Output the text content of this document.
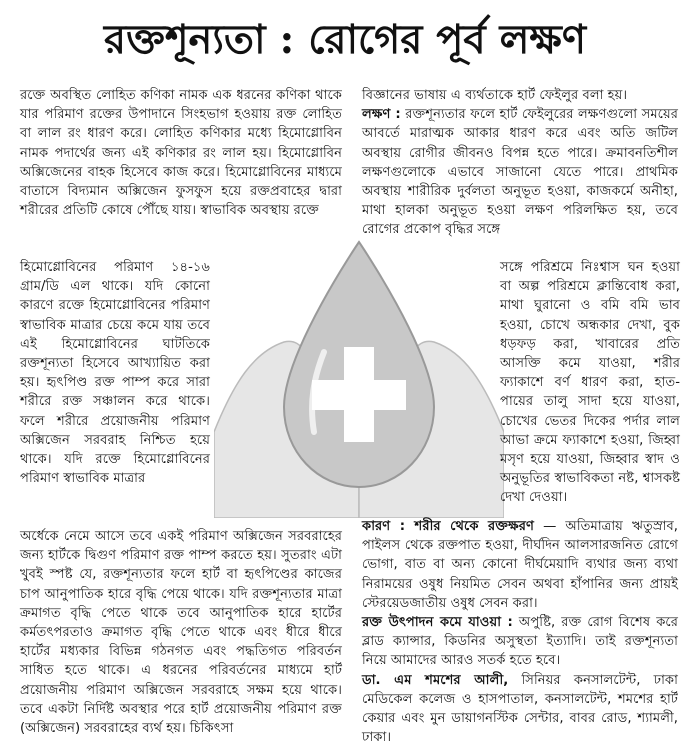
রক্তশূন্যতা : রোগের পূর্ব লক্ষণ

রক্তে অবস্থিত লোহিত কণিকা নামক এক ধরনের কণিকা থাকে যার পরিমাণ রক্তের উপাদানে সিংহভাগ হওয়ায় রক্ত লোহিত বা লাল রং ধারণ করে। লোহিত কণিকার মধ্যে হিমোগ্লোবিন নামক পদার্থের জন্য এই কণিকার রং লাল হয়। হিমোগ্লোবিন অক্সিজেনের বাহক হিসেবে কাজ করে। হিমোগ্লোবিনের মাধ্যমে বাতাসে বিদ্যমান অক্সিজেন ফুসফুস হয়ে রক্তপ্রবাহের দ্বারা শরীরের প্রতিটি কোষে পৌঁছে যায়। স্বাভাবিক অবস্থায় রক্তে

হিমোগ্লোবিনের পরিমাণ ১৪-১৬ গ্রাম/ডি এল থাকে। যদি কোনো কারণে রক্তে হিমোগ্লোবিনের পরিমাণ স্বাভাবিক মাত্রার চেয়ে কমে যায় তবে এই হিমোগ্লোবিনের ঘাটতিকে রক্তশূন্যতা হিসেবে আখ্যায়িত করা হয়। হৃৎপিণ্ড রক্ত পাম্প করে সারা শরীরে রক্ত সঞ্চালন করে থাকে। ফলে শরীরে প্রয়োজনীয় পরিমাণ অক্সিজেন সরবরাহ নিশ্চিত হয়ে থাকে। যদি রক্তে হিমোগ্লোবিনের পরিমাণ স্বাভাবিক মাত্রার

অর্ধেকে নেমে আসে তবে একই পরিমাণ অক্সিজেন সরবরাহের জন্য হার্টকে দ্বিগুণ পরিমাণ রক্ত পাম্প করতে হয়। সুতরাং এটা খুবই স্পষ্ট যে, রক্তশূন্যতার ফলে হার্ট বা হৃৎপিণ্ডের কাজের চাপ আনুপাতিক হারে বৃদ্ধি পেয়ে থাকে। যদি রক্তশূন্যতার মাত্রা ক্রমাগত বৃদ্ধি পেতে থাকে তবে আনুপাতিক হারে হার্টের কর্মতৎপরতাও ক্রমাগত বৃদ্ধি পেতে থাকে এবং ধীরে ধীরে হার্টের মধ্যকার বিভিন্ন গঠনগত এবং পদ্ধতিগত পরিবর্তন সাধিত হতে থাকে। এ ধরনের পরিবর্তনের মাধ্যমে হার্ট প্রয়োজনীয় পরিমাণ অক্সিজেন সরবরাহে সক্ষম হয়ে থাকে। তবে একটা নির্দিষ্ট অবস্থার পরে হার্ট প্রয়োজনীয় পরিমাণ রক্ত (অক্সিজেন) সরবরাহের ব্যর্থ হয়। চিকিৎসা

বিজ্ঞানের ভাষায় এ ব্যর্থতাকে হার্ট ফেইলুর বলা হয়।

লক্ষণ : রক্তশূন্যতার ফলে হার্ট ফেইলুরের লক্ষণগুলো সময়ের আবর্তে মারাত্মক আকার ধারণ করে এবং অতি জটিল অবস্থায় রোগীর জীবনও বিপন্ন হতে পারে। ক্রমাবনতিশীল লক্ষণগুলোকে এভাবে সাজানো যেতে পারে। প্রাথমিক অবস্থায় শারীরিক দুর্বলতা অনুভূত হওয়া, কাজকর্মে অনীহা, মাথা হালকা অনুভূত হওয়া লক্ষণ পরিলক্ষিত হয়, তবে রোগের প্রকোপ বৃদ্ধির সঙ্গে

সঙ্গে পরিশ্রমে নিঃশ্বাস ঘন হওয়া বা অল্প পরিশ্রমে ক্লান্তিবোধ করা, মাথা ঘুরানো ও বমি বমি ভাব হওয়া, চোখে অন্ধকার দেখা, বুক ধড়ফড় করা, খাবারের প্রতি আসক্তি কমে যাওয়া, শরীর ফ্যাকাশে বর্ণ ধারণ করা, হাত-পায়ের তালু সাদা হয়ে যাওয়া, চোখের ভেতর দিকের পর্দার লাল আভা ক্রমে ফ্যাকাশে হওয়া, জিহ্বা মসৃণ হয়ে যাওয়া, জিহ্বার স্বাদ ও অনুভূতির স্বাভাবিকতা নষ্ট, শ্বাসকষ্ট দেখা দেওয়া।

কারণ : শরীর থেকে রক্তক্ষরণ — অতিমাত্রায় ঋতুস্রাব, পাইলস থেকে রক্তপাত হওয়া, দীর্ঘদিন আলসারজনিত রোগে ভোগা, বাত বা অন্য কোনো দীর্ঘমেয়াদি ব্যথার জন্য ব্যথা নিরাময়ের ওষুধ নিয়মিত সেবন অথবা হাঁপানির জন্য প্রায়ই স্টেরয়েডজাতীয় ওষুধ সেবন করা।

রক্ত উৎপাদন কমে যাওয়া : অপুষ্টি, রক্ত রোগ বিশেষ করে ব্লাড ক্যান্সার, কিডনির অসুস্থতা ইত্যাদি। তাই রক্তশূন্যতা নিয়ে আমাদের আরও সতর্ক হতে হবে।

ডা. এম শমশের আলী, সিনিয়র কনসালটেন্ট, ঢাকা মেডিকেল কলেজ ও হাসপাতাল, কনসালটেন্ট, শমশের হার্ট কেয়ার এবং মুন ডায়াগনস্টিক সেন্টার, বাবর রোড, শ্যামলী, ঢাকা।
